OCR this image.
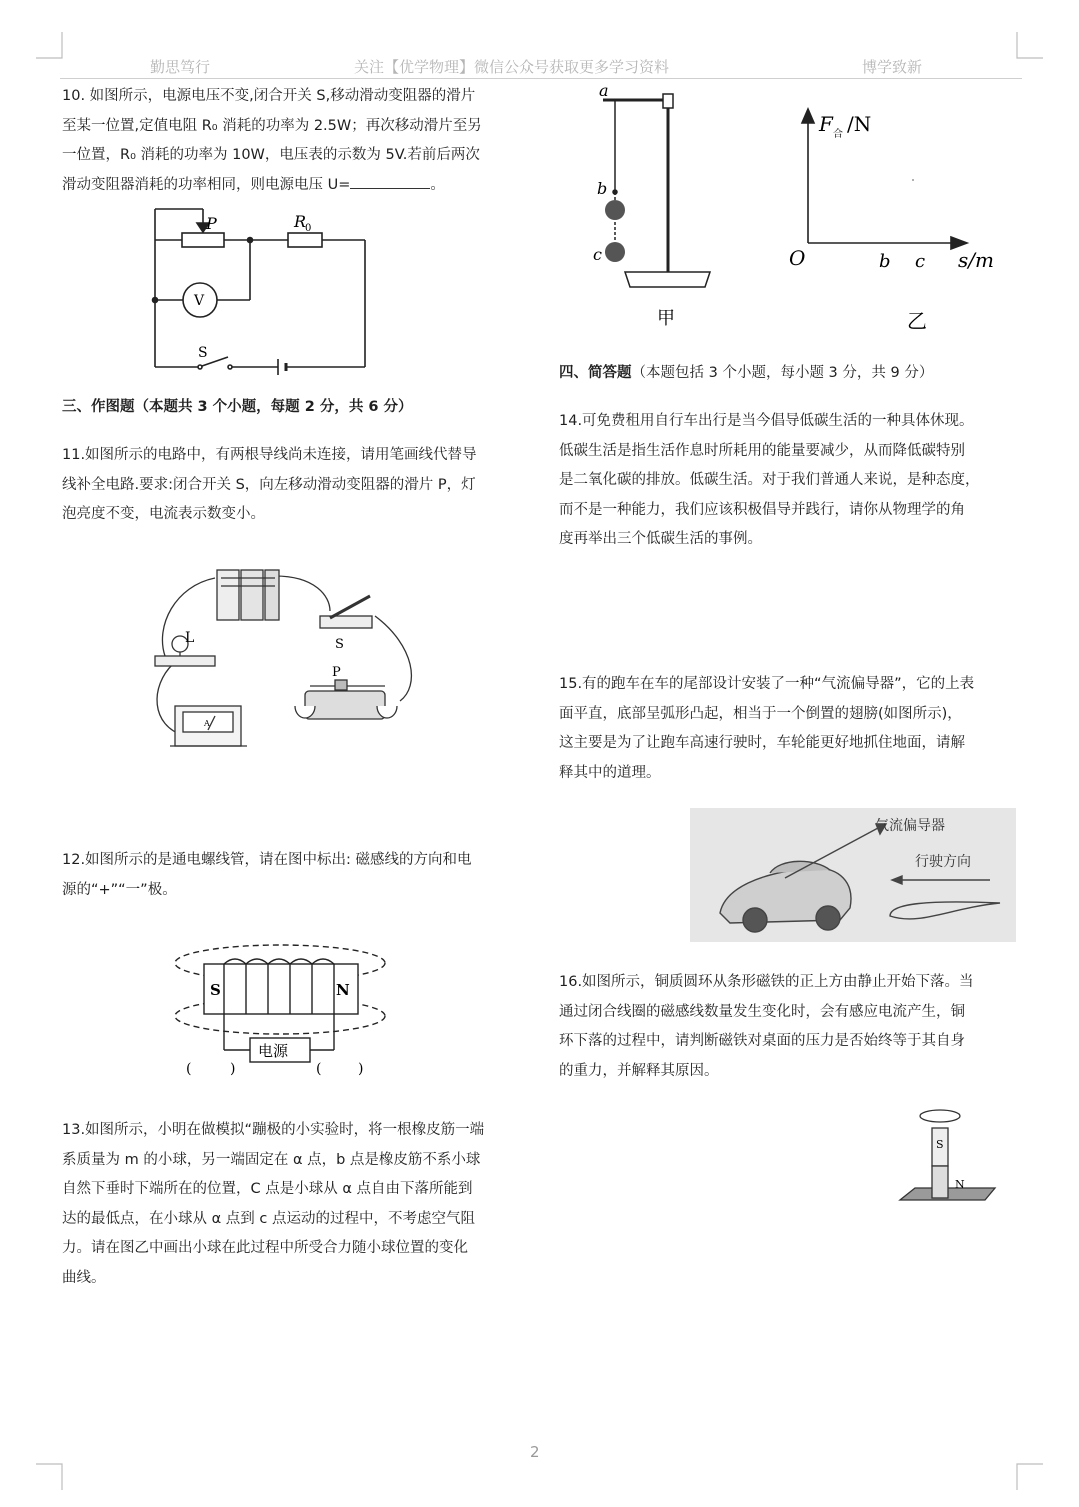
勤思笃行	关注【优学物理】微信公众号获取更多学习资料	博学致新
10. 如图所示，电源电压不变,闭合开关 S,移动滑动变阻器的滑片
至某一位置,定值电阻 R₀ 消耗的功率为 2.5W；再次移动滑片至另
一位置，R₀ 消耗的功率为 10W，电压表的示数为 5V.若前后两次
滑动变阻器消耗的功率相同，则电源电压 U=	。
P	R
0
V
S
三、作图题（本题共 3 个小题，每题 2 分，共 6 分）
11.如图所示的电路中，有两根导线尚未连接，请用笔画线代替导
线补全电路.要求:闭合开关 S，向左移动滑动变阻器的滑片 P，灯
泡亮度不变，电流表示数变小。
L	S
P
A
12.如图所示的是通电螺线管，请在图中标出: 磁感线的方向和电
源的“+”“一”极。
S	N
电源
(	)	(	)
13.如图所示，小明在做模拟“蹦极的小实验时，将一根橡皮筋一端
系质量为 m 的小球，另一端固定在 α 点，b 点是橡皮筋不系小球
自然下垂时下端所在的位置，C 点是小球从 α 点自由下落所能到
达的最低点，在小球从 α 点到 c 点运动的过程中，不考虑空气阻
力。请在图乙中画出小球在此过程中所受合力随小球位置的变化
曲线。
a
b
c
甲
F 合 /N
O	b c s/m
乙
四、简答题（本题包括 3 个小题，每小题 3 分，共 9 分）
14.可免费租用自行车出行是当今倡导低碳生活的一种具体休现。
低碳生活是指生活作息时所耗用的能量要减少，从而降低碳特别
是二氧化碳的排放。低碳生活。对于我们普通人来说，是种态度，
而不是一种能力，我们应该积极倡导并践行，请你从物理学的角
度再举出三个低碳生活的事例。
15.有的跑车在车的尾部设计安装了一种“气流偏导器”，它的上表
面平直，底部呈弧形凸起，相当于一个倒置的翅膀(如图所示)，
这主要是为了让跑车高速行驶时，车轮能更好地抓住地面，请解
释其中的道理。
气流偏导器
行驶方向
16.如图所示，铜质圆环从条形磁铁的正上方由静止开始下落。当
通过闭合线圈的磁感线数量发生变化时，会有感应电流产生，铜
环下落的过程中，请判断磁铁对桌面的压力是否始终等于其自身
的重力，并解释其原因。
S
N
2
